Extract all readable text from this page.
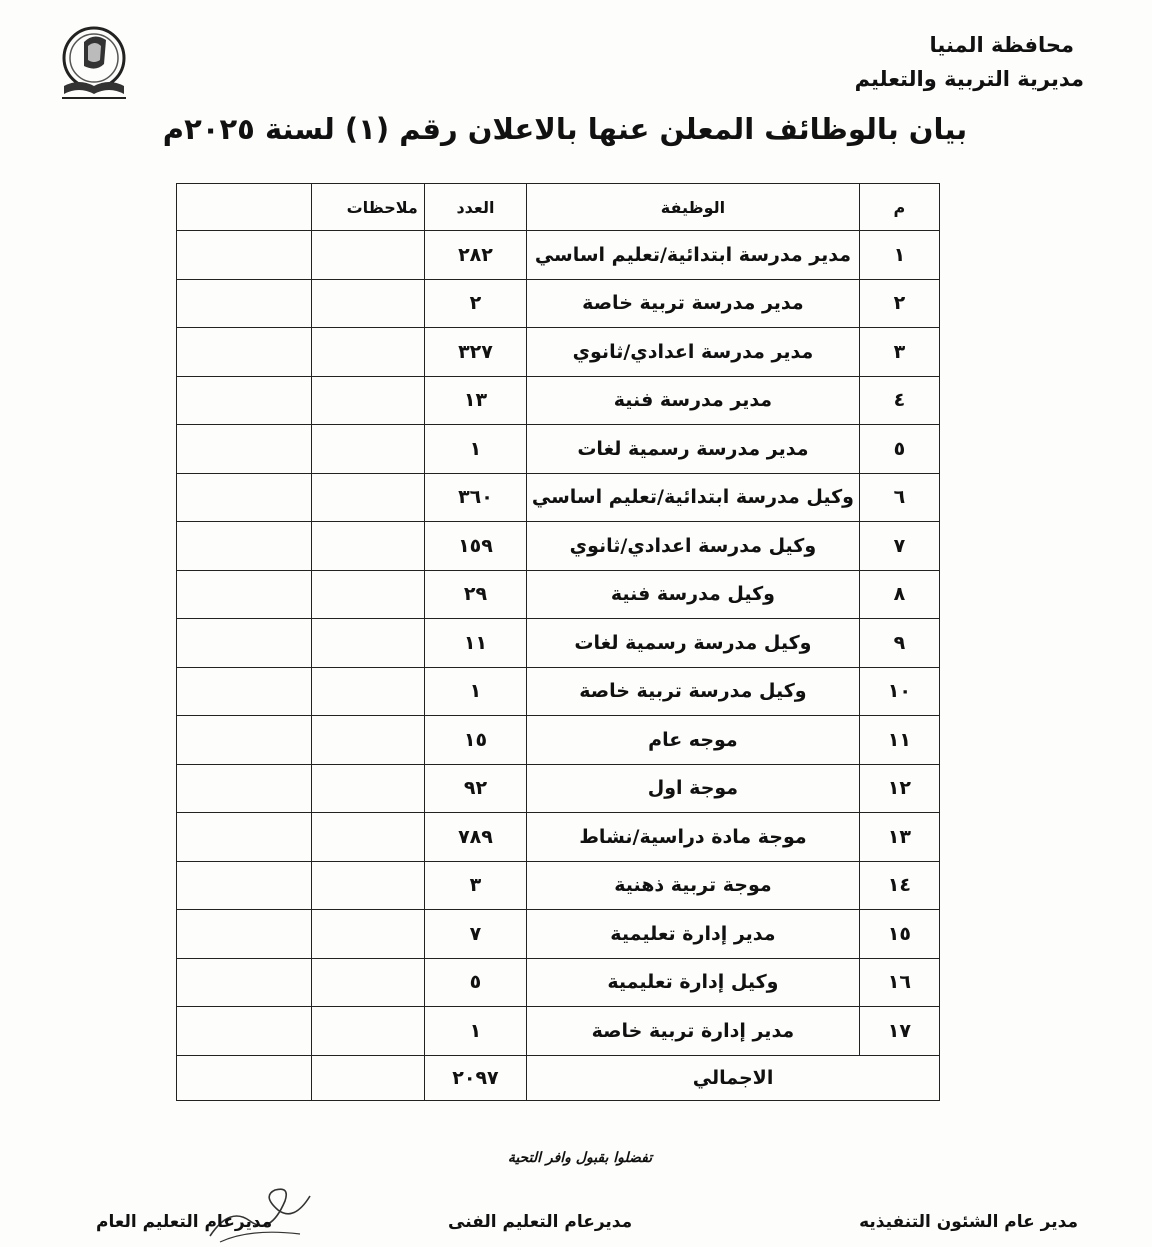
محافظة المنيا
مديرية التربية والتعليم
بيان بالوظائف المعلن عنها بالاعلان رقم (١) لسنة ٢٠٢٥م
م	الوظيفة	العدد	ملاحظات	
١	مدير مدرسة ابتدائية/تعليم اساسي	٢٨٢		
٢	مدير مدرسة تربية خاصة	٢		
٣	مدير مدرسة اعدادي/ثانوي	٣٢٧		
٤	مدير مدرسة فنية	١٣		
٥	مدير مدرسة رسمية لغات	١		
٦	وكيل مدرسة ابتدائية/تعليم اساسي	٣٦٠		
٧	وكيل مدرسة اعدادي/ثانوي	١٥٩		
٨	وكيل مدرسة فنية	٢٩		
٩	وكيل مدرسة رسمية لغات	١١		
١٠	وكيل مدرسة تربية خاصة	١		
١١	موجه عام	١٥		
١٢	موجة اول	٩٢		
١٣	موجة مادة دراسية/نشاط	٧٨٩		
١٤	موجة تربية ذهنية	٣		
١٥	مدير إدارة تعليمية	٧		
١٦	وكيل إدارة تعليمية	٥		
١٧	مدير إدارة تربية خاصة	١		
الاجمالي		٢٠٩٧		
تفضلوا بقبول وافر التحية
مدير عام الشئون التنفيذيه
مديرعام التعليم الفنى
مديرعام التعليم العام
